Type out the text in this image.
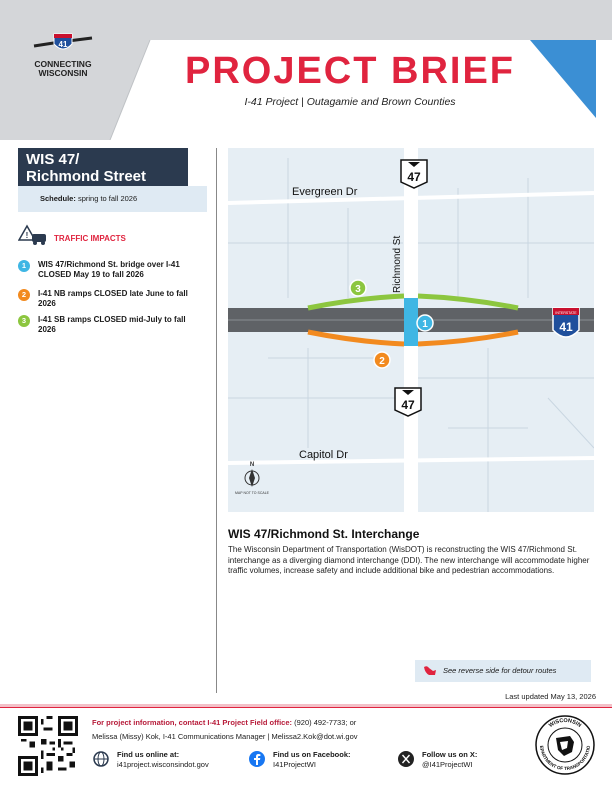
41
CONNECTING
WISCONSIN	PROJECT BRIEF
I-41 Project | Outagamie and Brown Counties
WIS 47/
Richmond Street
Schedule: spring to fall 2026
!	TRAFFIC IMPACTS
1	WIS 47/Richmond St. bridge over I-41 CLOSED May 19 to fall 2026
2	I-41 NB ramps CLOSED late June to fall 2026
3	I-41 SB ramps CLOSED mid-July to fall 2026	1
2
3
47
47
INTERSTATE
41
Evergreen Dr
Capitol Dr
Richmond St
N
MAP NOT TO SCALE
WIS 47/Richmond St. Interchange
The Wisconsin Department of Transportation (WisDOT) is reconstructing the WIS 47/Richmond St. interchange as a diverging diamond interchange (DDI). The new interchange will accommodate higher traffic volumes, increase safety and include additional bike and pedestrian accommodations.
See reverse side for detour routes
Last updated May 13, 2026
For project information, contact I-41 Project Field office: (920) 492-7733; or
Melissa (Missy) Kok, I-41 Communications Manager | Melissa2.Kok@dot.wi.gov
Find us online at:
i41project.wisconsindot.gov
Find us on Facebook:
I41ProjectWI
Follow us on X:
@I41ProjectWI
WISCONSIN
EPARTMENT OF TRANSPORTATIO
